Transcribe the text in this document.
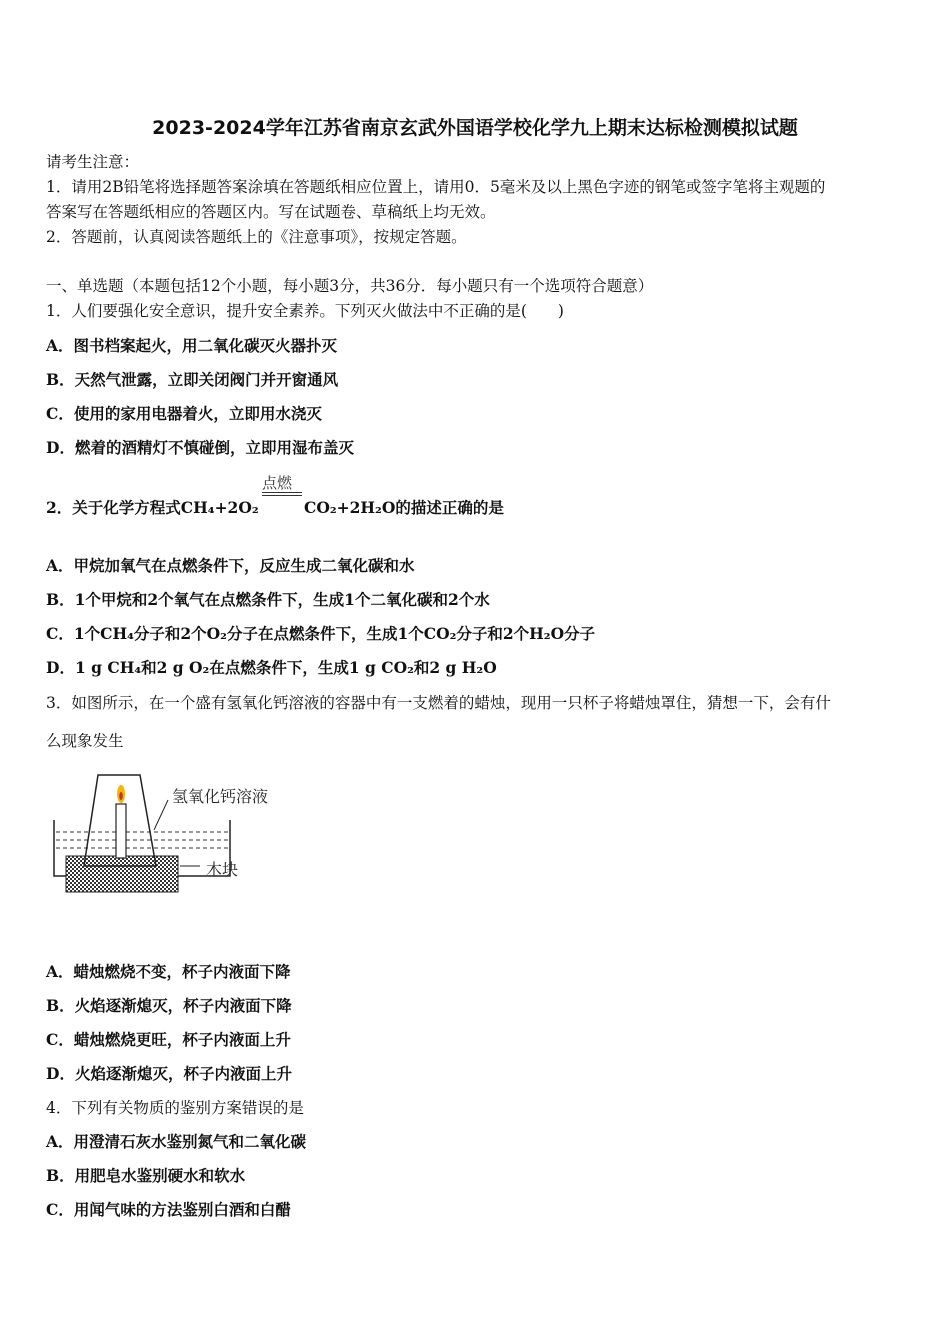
2023-2024学年江苏省南京玄武外国语学校化学九上期末达标检测模拟试题
请考生注意：
1．请用2B铅笔将选择题答案涂填在答题纸相应位置上，请用0．5毫米及以上黑色字迹的钢笔或签字笔将主观题的
答案写在答题纸相应的答题区内。写在试题卷、草稿纸上均无效。
2．答题前，认真阅读答题纸上的《注意事项》，按规定答题。
一、单选题（本题包括12个小题，每小题3分，共36分．每小题只有一个选项符合题意）
1．人们要强化安全意识，提升安全素养。下列灭火做法中不正确的是(　　)
A．图书档案起火，用二氧化碳灭火器扑灭
B．天然气泄露，立即关闭阀门并开窗通风
C．使用的家用电器着火，立即用水浇灭
D．燃着的酒精灯不慎碰倒，立即用湿布盖灭
2．关于化学方程式CH₄+2O₂
点燃
CO₂+2H₂O的描述正确的是
A．甲烷加氧气在点燃条件下，反应生成二氧化碳和水
B．1个甲烷和2个氧气在点燃条件下，生成1个二氧化碳和2个水
C．1个CH₄分子和2个O₂分子在点燃条件下，生成1个CO₂分子和2个H₂O分子
D．1 g CH₄和2 g O₂在点燃条件下，生成1 g CO₂和2 g H₂O
3．如图所示，在一个盛有氢氧化钙溶液的容器中有一支燃着的蜡烛，现用一只杯子将蜡烛罩住，猜想一下，会有什
么现象发生
氢氧化钙溶液
木块
A．蜡烛燃烧不变，杯子内液面下降
B．火焰逐渐熄灭，杯子内液面下降
C．蜡烛燃烧更旺，杯子内液面上升
D．火焰逐渐熄灭，杯子内液面上升
4．下列有关物质的鉴别方案错误的是
A．用澄清石灰水鉴别氮气和二氧化碳
B．用肥皂水鉴别硬水和软水
C．用闻气味的方法鉴别白酒和白醋
